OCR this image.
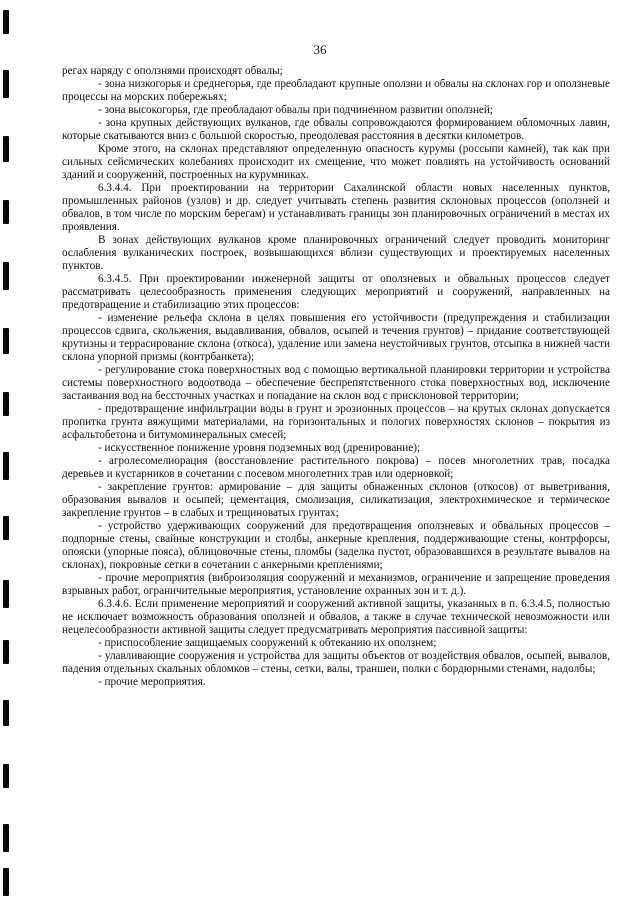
36

регах наряду с оползнями происходят обвалы;

- зона низкогорья и среднегорья, где преобладают крупные оползни и обвалы на склонах гор и оползневые процессы на морских побережьях;

- зона высокогорья, где преобладают обвалы при подчиненном развитии оползней;

- зона крупных действующих вулканов, где обвалы сопровождаются формированием обломочных лавин, которые скатываются вниз с большой скоростью, преодолевая расстояния в десятки километров.

Кроме этого, на склонах представляют определенную опасность курумы (россыпи камней), так как при сильных сейсмических колебаниях происходит их смещение, что может повлиять на устойчивость оснований зданий и сооружений, построенных на курумниках.

6.3.4.4. При проектировании на территории Сахалинской области новых населенных пунктов, промышленных районов (узлов) и др. следует учитывать степень развития склоновых процессов (оползней и обвалов, в том числе по морским берегам) и устанавливать границы зон планировочных ограничений в местах их проявления.

В зонах действующих вулканов кроме планировочных ограничений следует проводить мониторинг ослабления вулканических построек, возвышающихся вблизи существующих и проектируемых населенных пунктов.

6.3.4.5. При проектировании инженерной защиты от оползневых и обвальных процессов следует рассматривать целесообразность применения следующих мероприятий и сооружений, направленных на предотвращение и стабилизацию этих процессов:

- изменение рельефа склона в целях повышения его устойчивости (предупреждения и стабилизации процессов сдвига, скольжения, выдавливания, обвалов, осыпей и течения грунтов) – придание соответствующей крутизны и террасирование склона (откоса), удаление или замена неустойчивых грунтов, отсыпка в нижней части склона упорной призмы (контрбанкета);

- регулирование стока поверхностных вод с помощью вертикальной планировки территории и устройства системы поверхностного водоотвода – обеспечение беспрепятственного стока поверхностных вод, исключение застаивания вод на бессточных участках и попадание на склон вод с присклоновой территории;

- предотвращение инфильтрации воды в грунт и эрозионных процессов – на крутых склонах допускается пропитка грунта вяжущими материалами, на горизонтальных и пологих поверхностях склонов – покрытия из асфальтобетона и битумоминеральных смесей;

- искусственное понижение уровня подземных вод (дренирование);

- агролесомелиорация (восстановление растительного покрова) – посев многолетних трав, посадка деревьев и кустарников в сочетании с посевом многолетних трав или одерновкой;

- закрепление грунтов: армирование – для защиты обнаженных склонов (откосов) от выветривания, образования вывалов и осыпей; цементация, смолизация, силикатизация, электрохимическое и термическое закрепление грунтов – в слабых и трещиноватых грунтах;

- устройство удерживающих сооружений для предотвращения оползневых и обвальных процессов – подпорные стены, свайные конструкции и столбы, анкерные крепления, поддерживающие стены, контрфорсы, опояски (упорные пояса), облицовочные стены, пломбы (заделка пустот, образовавшихся в результате вывалов на склонах), покровные сетки в сочетании с анкерными креплениями;

- прочие мероприятия (виброизоляция сооружений и механизмов, ограничение и запрещение проведения взрывных работ, ограничительные мероприятия, установление охранных зон и т. д.).

6.3.4.6. Если применение мероприятий и сооружений активной защиты, указанных в п. 6.3.4.5, полностью не исключает возможность образования оползней и обвалов, а также в случае технической невозможности или нецелесообразности активной защиты следует предусматривать мероприятия пассивной защиты:

- приспособление защищаемых сооружений к обтеканию их оползнем;

- улавливающие сооружения и устройства для защиты объектов от воздействия обвалов, осыпей, вывалов, падения отдельных скальных обломков – стены, сетки, валы, траншеи, полки с бордюрными стенами, надолбы;

- прочие мероприятия.
